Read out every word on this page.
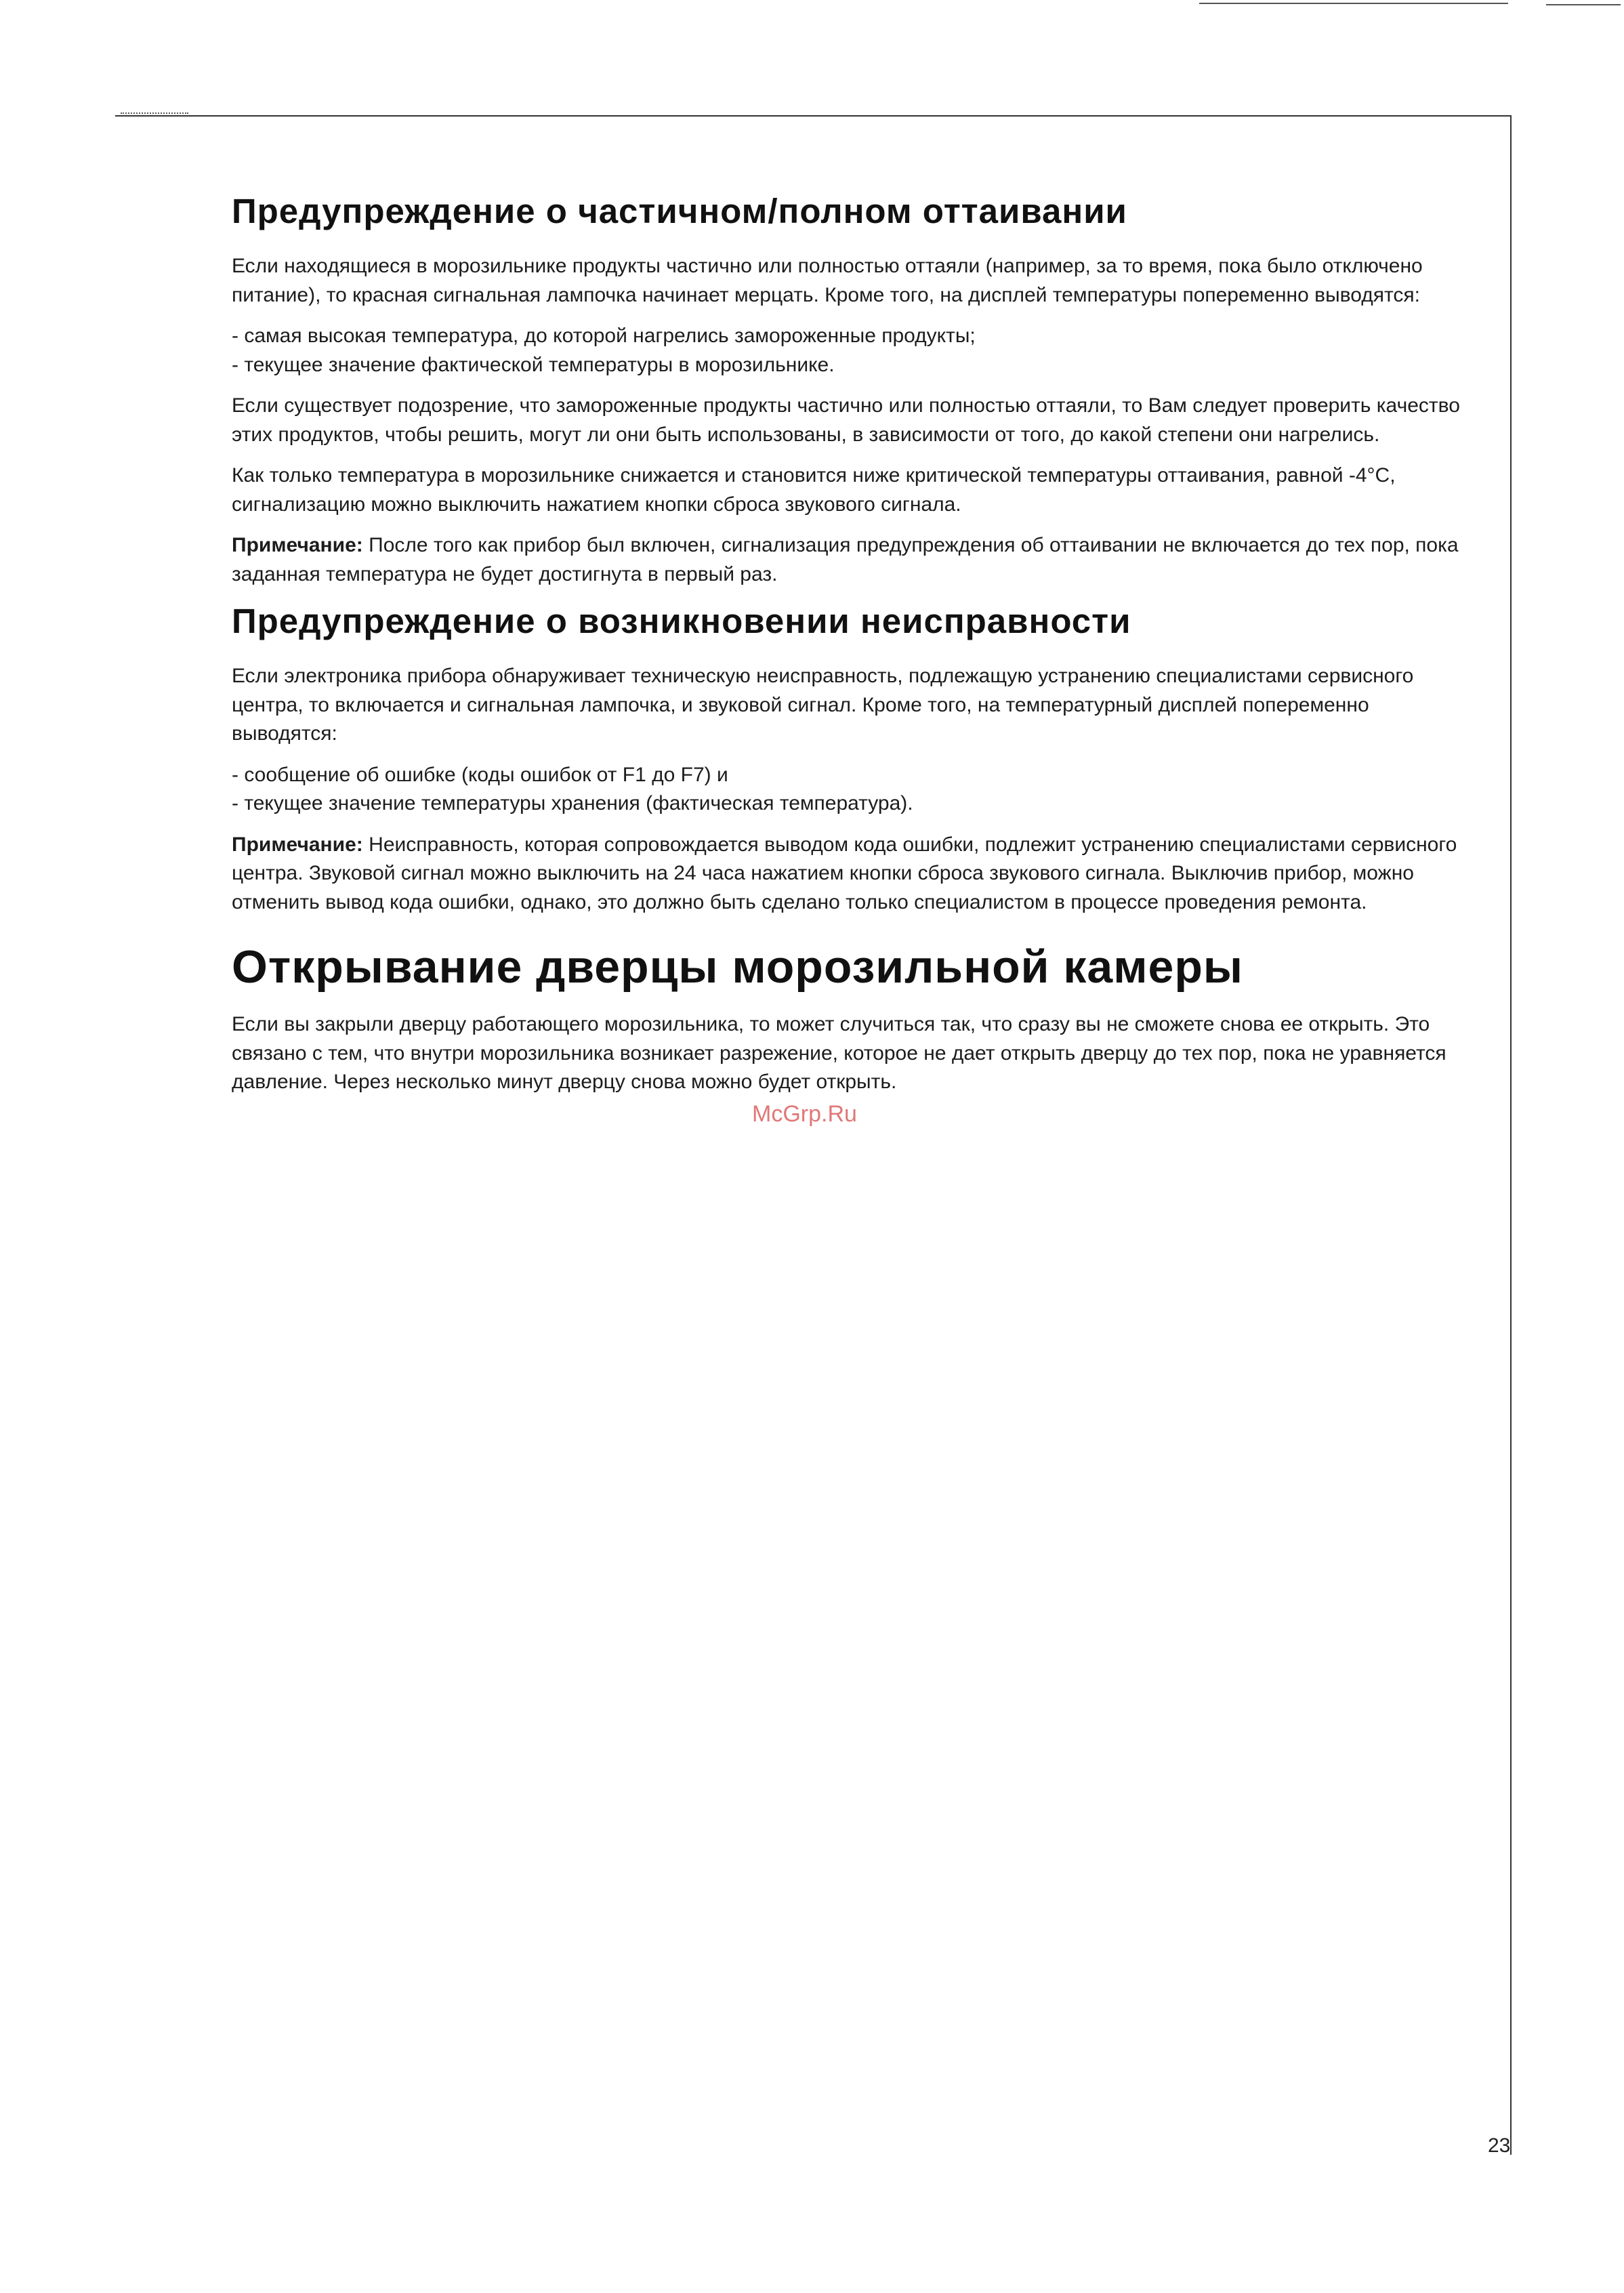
Предупреждение о частичном/полном оттаивании

Если находящиеся в морозильнике продукты частично или полностью оттаяли (например, за то время, пока было отключено питание), то красная сигнальная лампочка начинает мерцать. Кроме того, на дисплей температуры попеременно выводятся:

- самая высокая температура, до которой нагрелись замороженные продукты;
- текущее значение фактической температуры в морозильнике.

Если существует подозрение, что замороженные продукты частично или полностью оттаяли, то Вам следует проверить качество этих продуктов, чтобы решить, могут ли они быть использованы, в зависимости от того, до какой степени они нагрелись.

Как только температура в морозильнике снижается и становится ниже критической температуры оттаивания, равной -4°C, сигнализацию можно выключить нажатием кнопки сброса звукового сигнала.

Примечание: После того как прибор был включен, сигнализация предупреждения об оттаивании не включается до тех пор, пока заданная температура не будет достигнута в первый раз.

Предупреждение о возникновении неисправности

Если электроника прибора обнаруживает техническую неисправность, подлежащую устранению специалистами сервисного центра, то включается и сигнальная лампочка, и звуковой сигнал. Кроме того, на температурный дисплей попеременно выводятся:

- сообщение об ошибке (коды ошибок от F1 до F7) и
- текущее значение температуры хранения (фактическая температура).

Примечание: Неисправность, которая сопровождается выводом кода ошибки, подлежит устранению специалистами сервисного центра. Звуковой сигнал можно выключить на 24 часа нажатием кнопки сброса звукового сигнала. Выключив прибор, можно отменить вывод кода ошибки, однако, это должно быть сделано только специалистом в процессе проведения ремонта.

Открывание дверцы морозильной камеры

Если вы закрыли дверцу работающего морозильника, то может случиться так, что сразу вы не сможете снова ее открыть. Это связано с тем, что внутри морозильника возникает разрежение, которое не дает открыть дверцу до тех пор, пока не уравняется давление. Через несколько минут дверцу снова можно будет открыть.

McGrp.Ru
23
